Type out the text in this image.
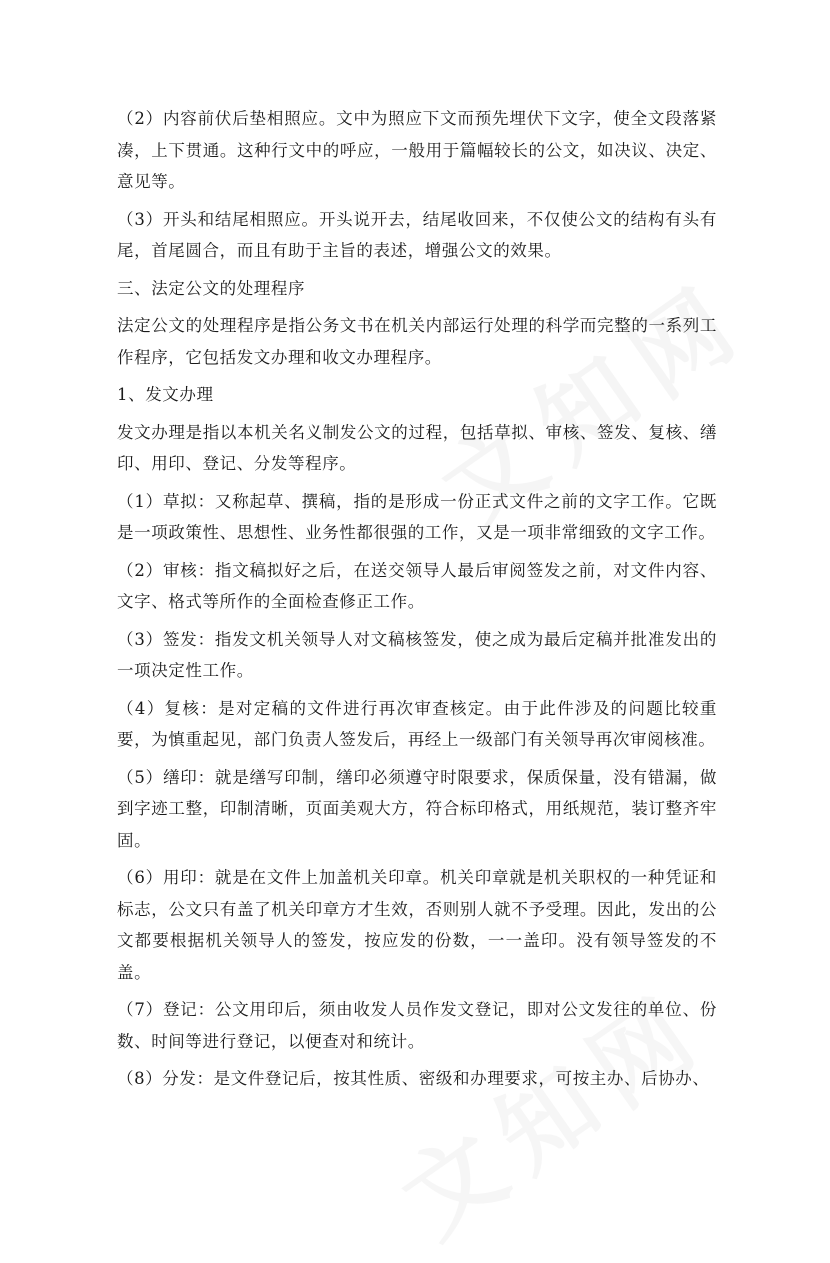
（2）内容前伏后垫相照应。文中为照应下文而预先埋伏下文字，使全文段落紧凑，上下贯通。这种行文中的呼应，一般用于篇幅较长的公文，如决议、决定、意见等。

（3）开头和结尾相照应。开头说开去，结尾收回来，不仅使公文的结构有头有尾，首尾圆合，而且有助于主旨的表述，增强公文的效果。

三、法定公文的处理程序

法定公文的处理程序是指公务文书在机关内部运行处理的科学而完整的一系列工作程序，它包括发文办理和收文办理程序。

1、发文办理

发文办理是指以本机关名义制发公文的过程，包括草拟、审核、签发、复核、缮印、用印、登记、分发等程序。

（1）草拟：又称起草、撰稿，指的是形成一份正式文件之前的文字工作。它既是一项政策性、思想性、业务性都很强的工作，又是一项非常细致的文字工作。

（2）审核：指文稿拟好之后，在送交领导人最后审阅签发之前，对文件内容、文字、格式等所作的全面检查修正工作。

（3）签发：指发文机关领导人对文稿核签发，使之成为最后定稿并批准发出的一项决定性工作。

（4）复核：是对定稿的文件进行再次审查核定。由于此件涉及的问题比较重要，为慎重起见，部门负责人签发后，再经上一级部门有关领导再次审阅核准。

（5）缮印：就是缮写印制，缮印必须遵守时限要求，保质保量，没有错漏，做到字迹工整，印制清晰，页面美观大方，符合标印格式，用纸规范，装订整齐牢固。

（6）用印：就是在文件上加盖机关印章。机关印章就是机关职权的一种凭证和标志，公文只有盖了机关印章方才生效，否则别人就不予受理。因此，发出的公文都要根据机关领导人的签发，按应发的份数，一一盖印。没有领导签发的不盖。

（7）登记：公文用印后，须由收发人员作发文登记，即对公文发往的单位、份数、时间等进行登记，以便查对和统计。

（8）分发：是文件登记后，按其性质、密级和办理要求，可按主办、后协办、
